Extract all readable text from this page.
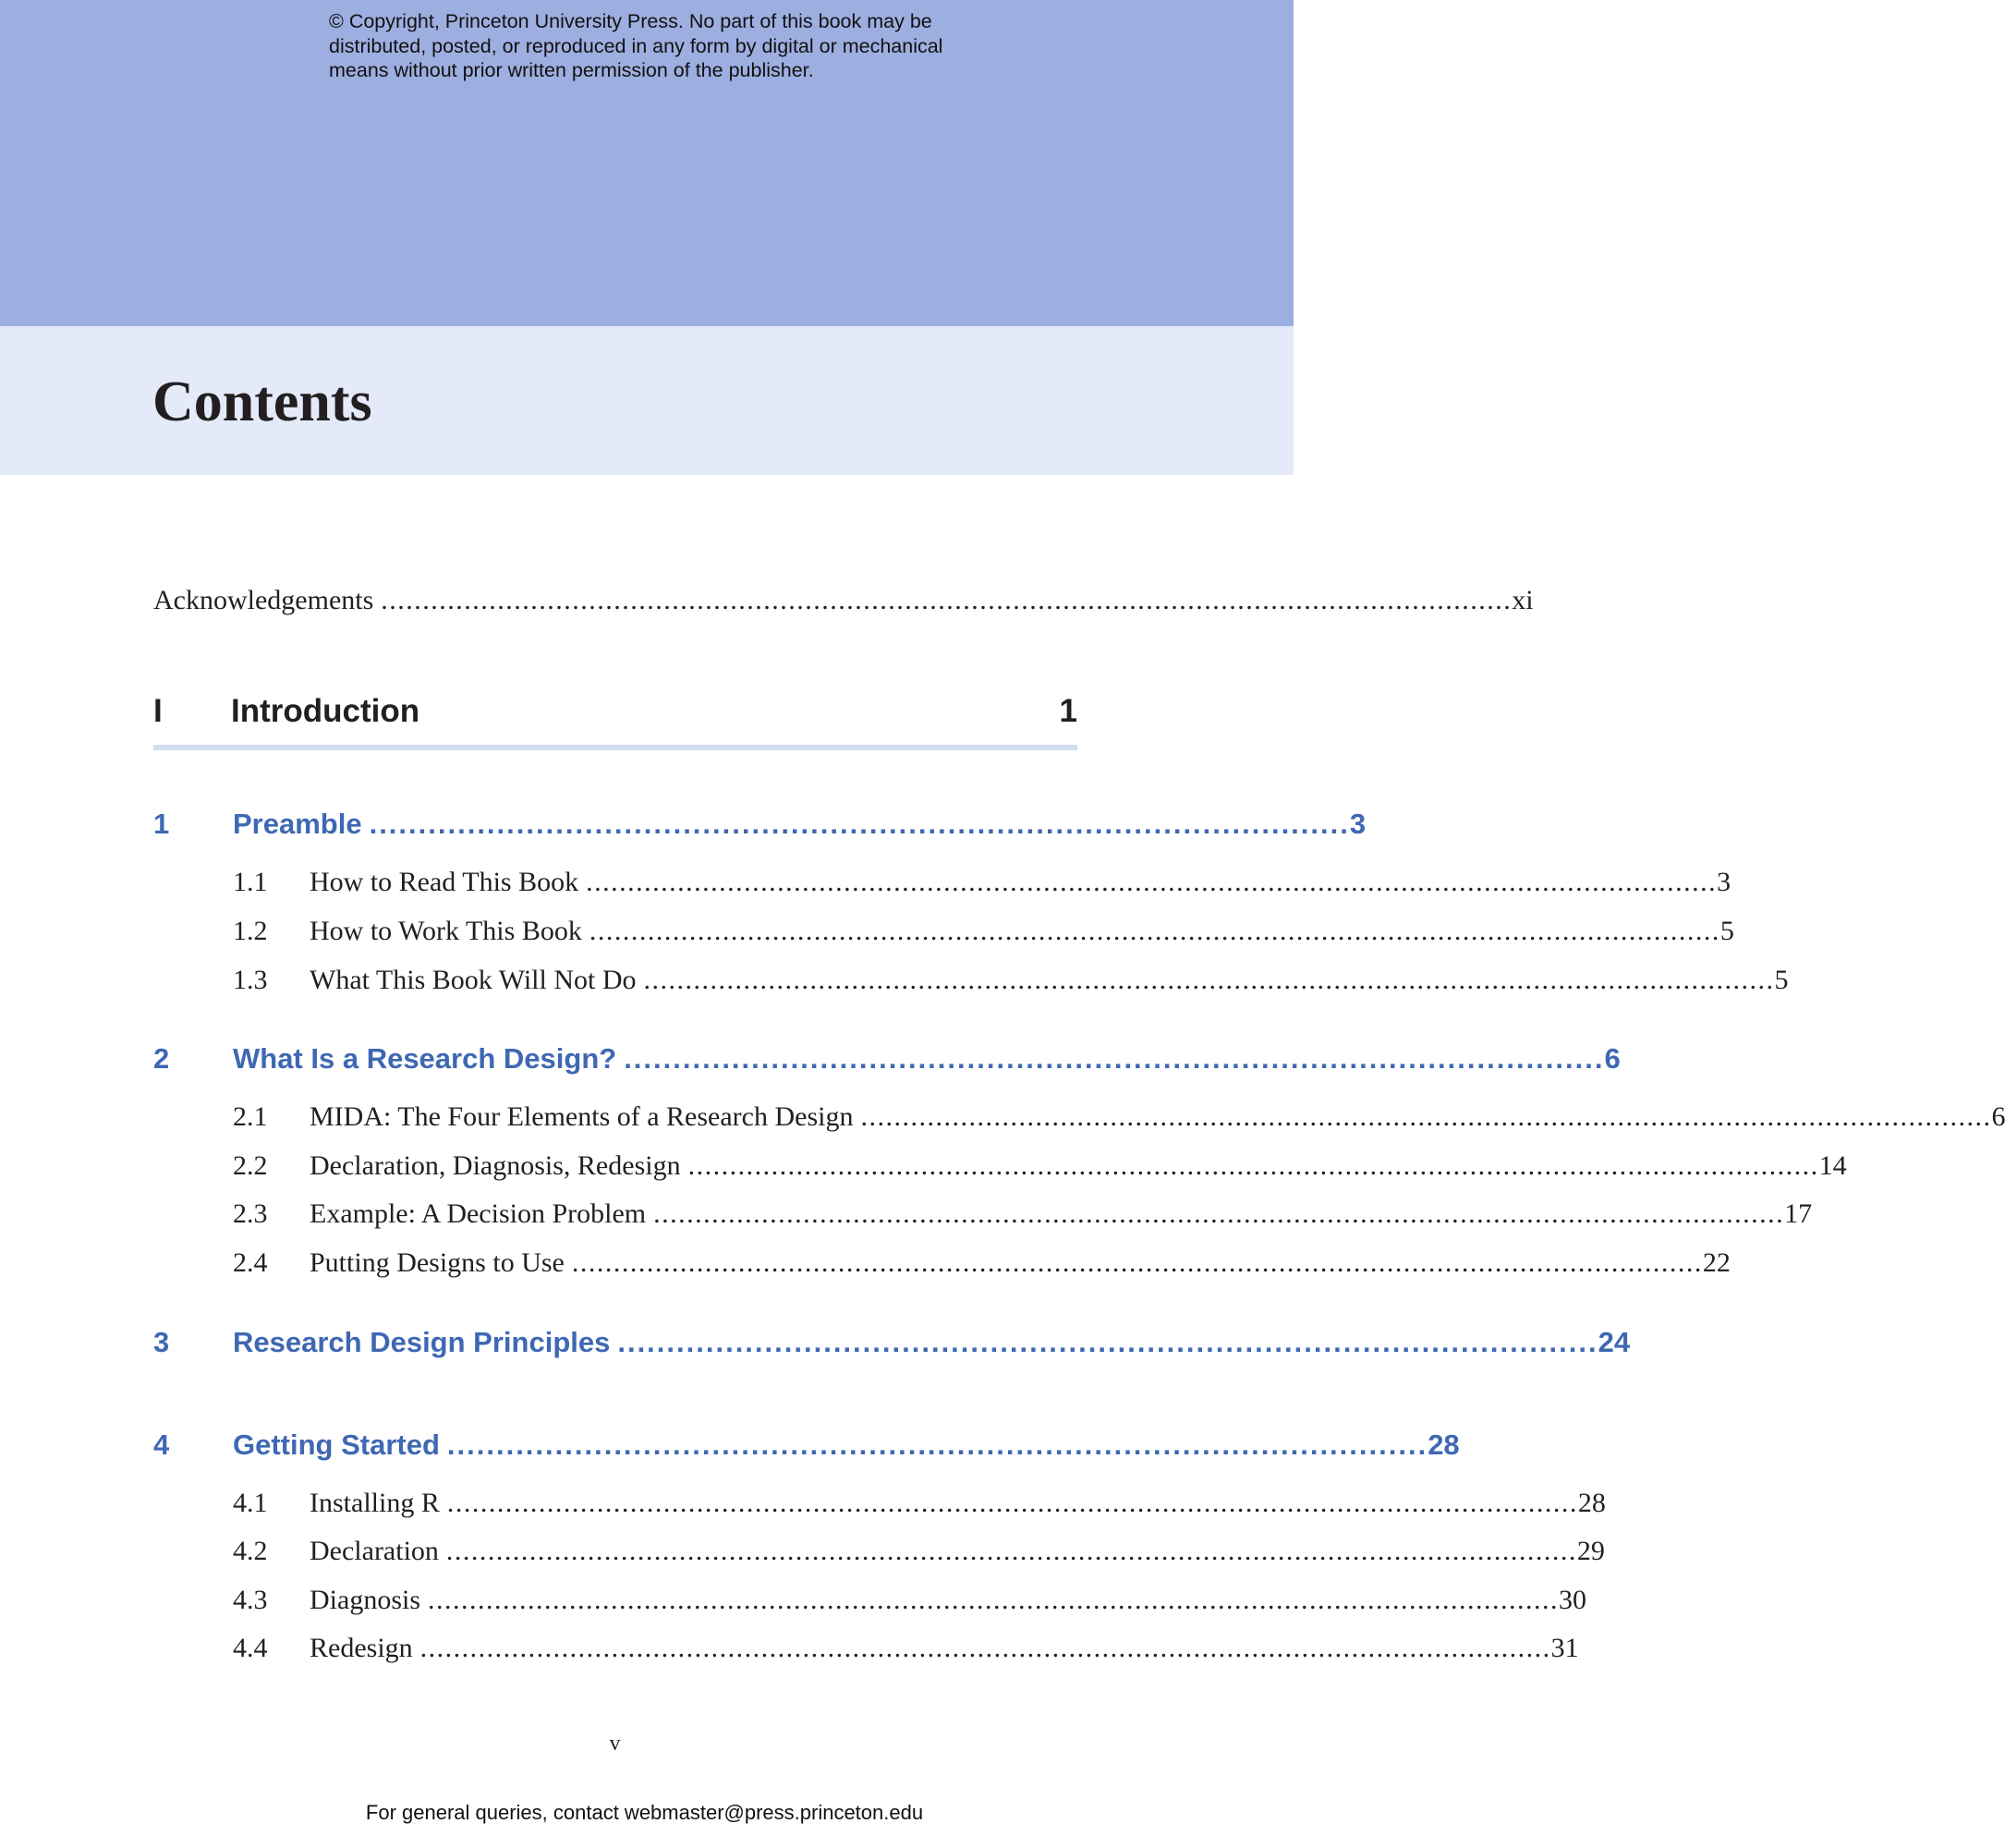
© Copyright, Princeton University Press. No part of this book may be
distributed, posted, or reproduced in any form by digital or mechanical
means without prior written permission of the publisher.

Contents
Acknowledgements ........................................................................................................................................ xi
I Introduction	1
1 Preamble .................................................................................................... 3
1.1 How to Read This Book ........................................................................................................................................ 3
1.2 How to Work This Book ........................................................................................................................................ 5
1.3 What This Book Will Not Do ........................................................................................................................................ 5
2 What Is a Research Design? .................................................................................................... 6
2.1 MIDA: The Four Elements of a Research Design ........................................................................................................................................ 6
2.2 Declaration, Diagnosis, Redesign ........................................................................................................................................ 14
2.3 Example: A Decision Problem ........................................................................................................................................ 17
2.4 Putting Designs to Use ........................................................................................................................................ 22
3 Research Design Principles .................................................................................................... 24
4 Getting Started .................................................................................................... 28
4.1 Installing R ........................................................................................................................................ 28
4.2 Declaration ........................................................................................................................................ 29
4.3 Diagnosis ........................................................................................................................................ 30
4.4 Redesign ........................................................................................................................................ 31
v
For general queries, contact webmaster@press.princeton.edu
